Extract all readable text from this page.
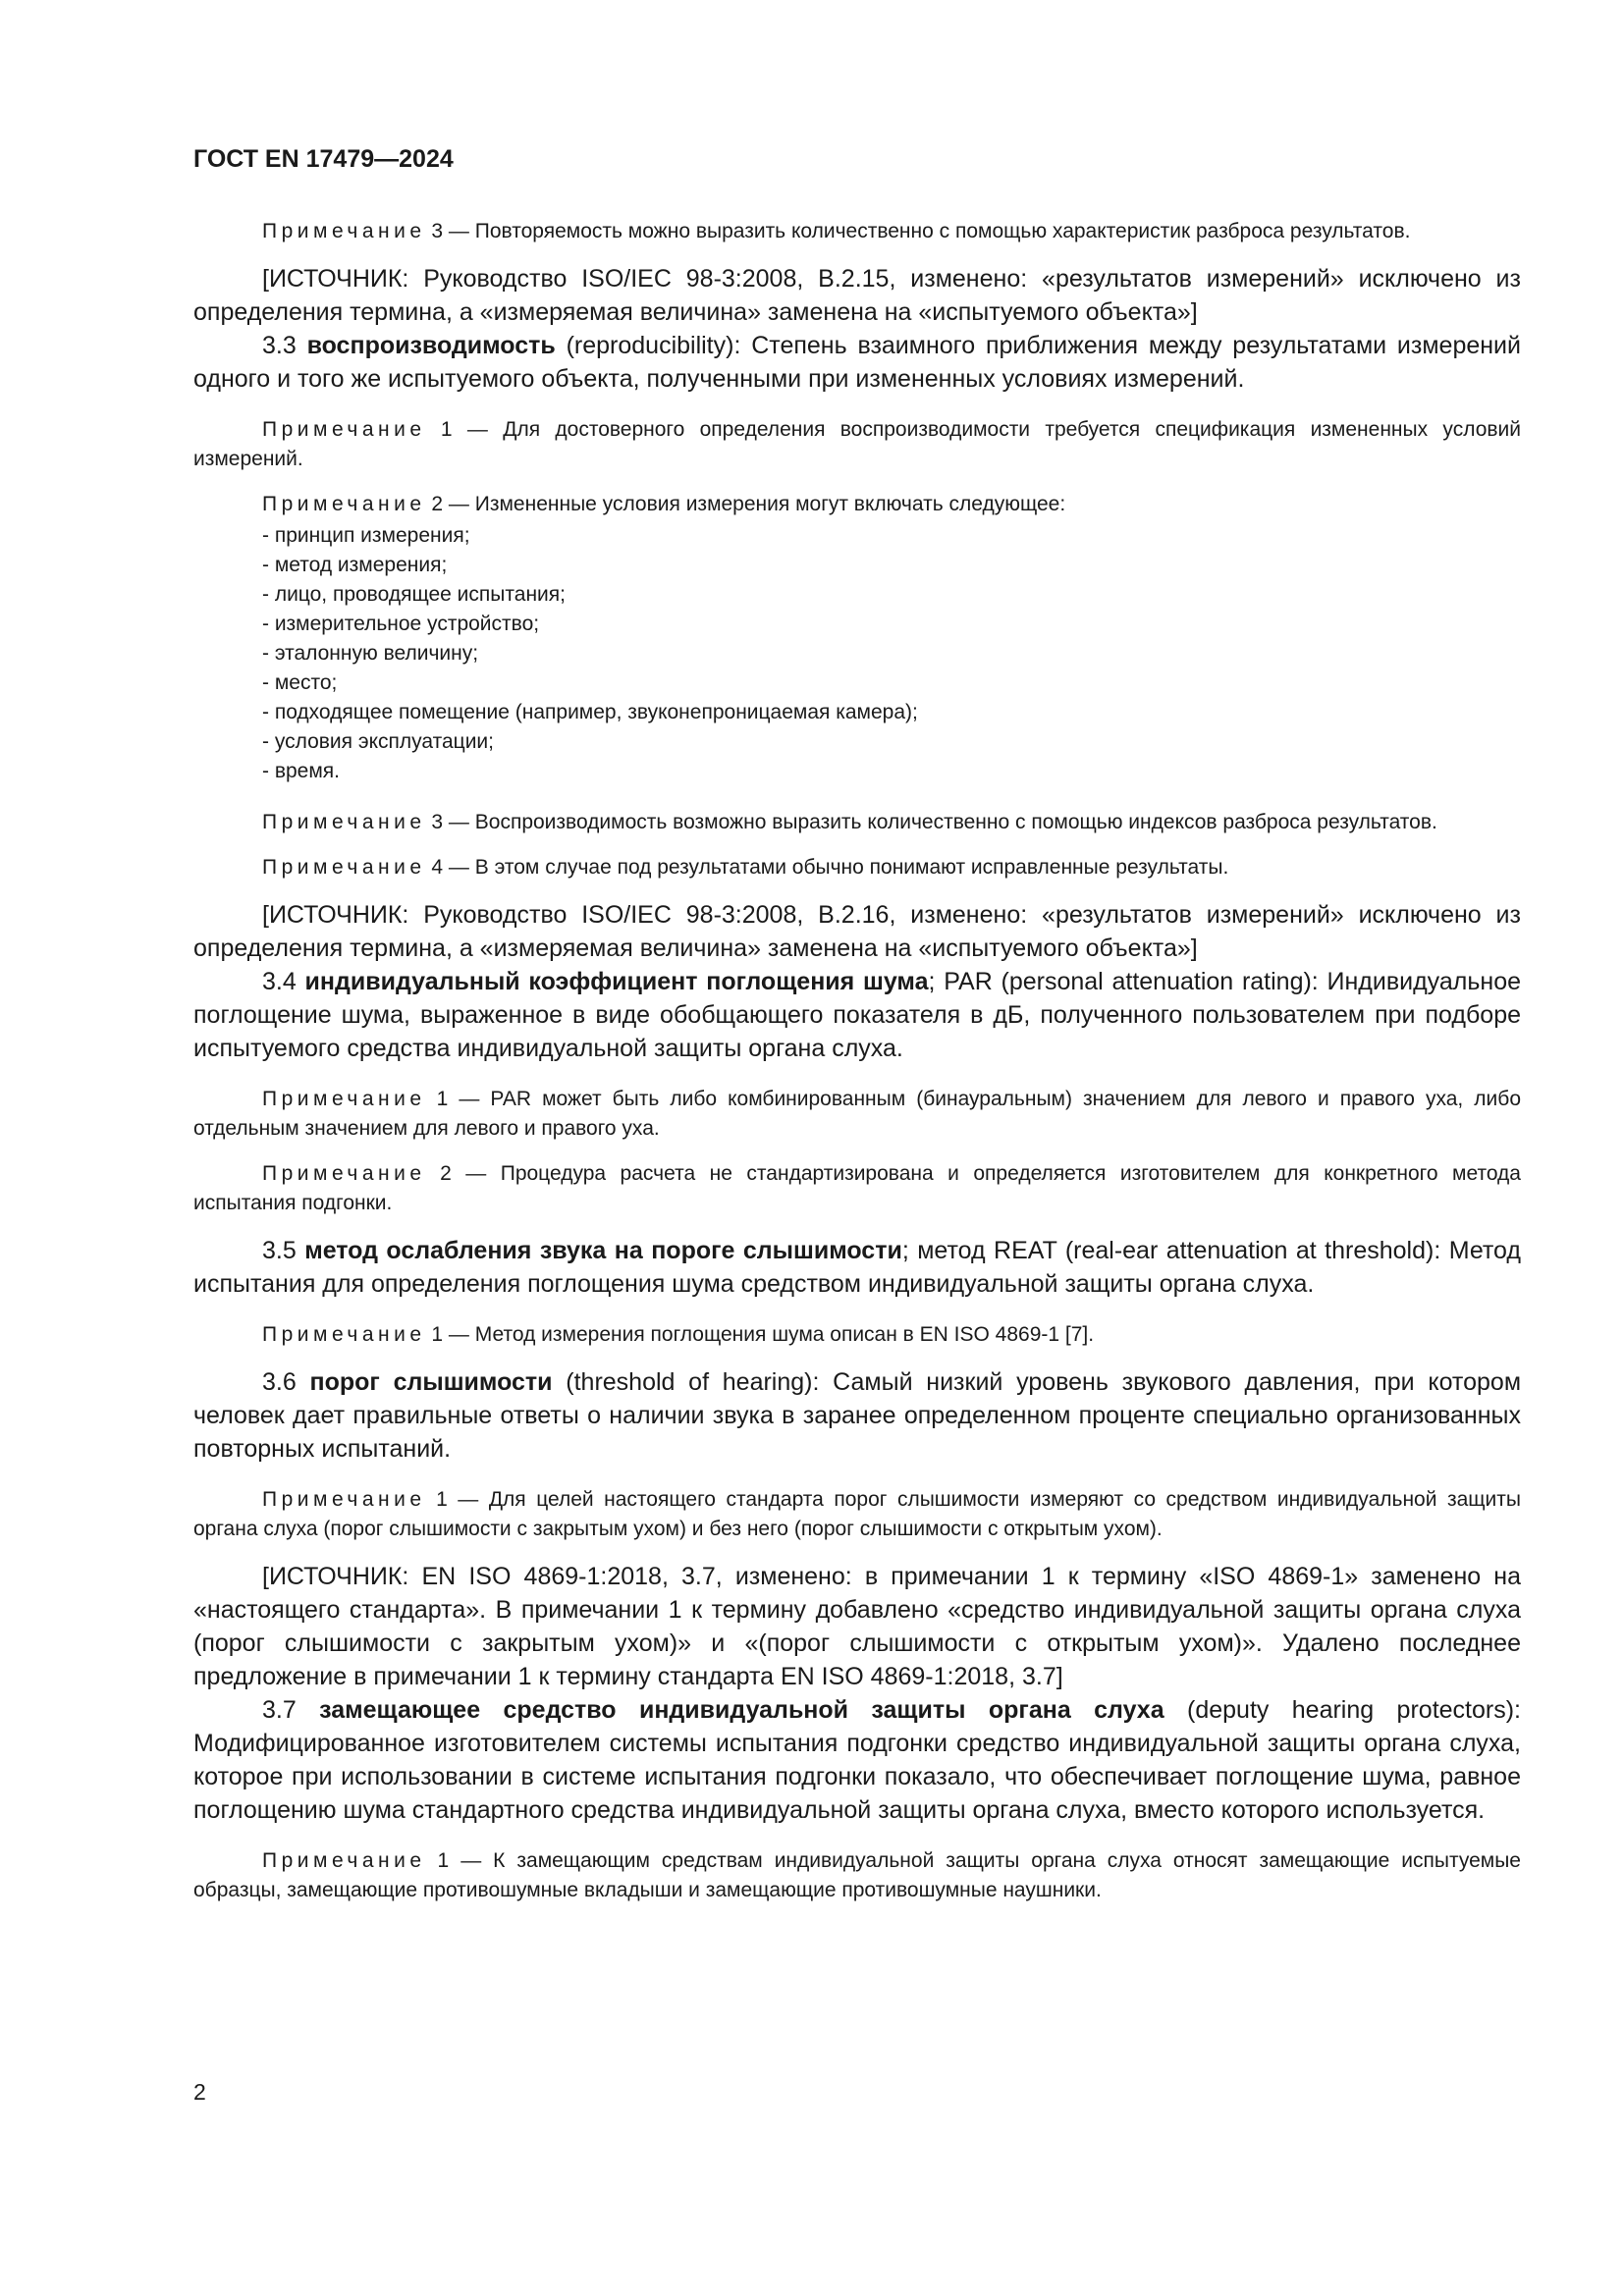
ГОСТ EN 17479—2024

Примечание 3 — Повторяемость можно выразить количественно с помощью характеристик разброса результатов.

[ИСТОЧНИК: Руководство ISO/IEC 98-3:2008, В.2.15, изменено: «результатов измерений» исключено из определения термина, а «измеряемая величина» заменена на «испытуемого объекта»]

3.3 воспроизводимость (reproducibility): Степень взаимного приближения между результатами измерений одного и того же испытуемого объекта, полученными при измененных условиях измерений.

Примечание 1 — Для достоверного определения воспроизводимости требуется спецификация измененных условий измерений.

Примечание 2 — Измененные условия измерения могут включать следующее:

- принцип измерения;
- метод измерения;
- лицо, проводящее испытания;
- измерительное устройство;
- эталонную величину;
- место;
- подходящее помещение (например, звуконепроницаемая камера);
- условия эксплуатации;
- время.

Примечание 3 — Воспроизводимость возможно выразить количественно с помощью индексов разброса результатов.

Примечание 4 — В этом случае под результатами обычно понимают исправленные результаты.

[ИСТОЧНИК: Руководство ISO/IEC 98-3:2008, В.2.16, изменено: «результатов измерений» исключено из определения термина, а «измеряемая величина» заменена на «испытуемого объекта»]

3.4 индивидуальный коэффициент поглощения шума; PAR (personal attenuation rating): Индивидуальное поглощение шума, выраженное в виде обобщающего показателя в дБ, полученного пользователем при подборе испытуемого средства индивидуальной защиты органа слуха.

Примечание 1 — PAR может быть либо комбинированным (бинауральным) значением для левого и правого уха, либо отдельным значением для левого и правого уха.

Примечание 2 — Процедура расчета не стандартизирована и определяется изготовителем для конкретного метода испытания подгонки.

3.5 метод ослабления звука на пороге слышимости; метод REAT (real-ear attenuation at threshold): Метод испытания для определения поглощения шума средством индивидуальной защиты органа слуха.

Примечание 1 — Метод измерения поглощения шума описан в EN ISO 4869-1 [7].

3.6 порог слышимости (threshold of hearing): Самый низкий уровень звукового давления, при котором человек дает правильные ответы о наличии звука в заранее определенном проценте специально организованных повторных испытаний.

Примечание 1 — Для целей настоящего стандарта порог слышимости измеряют со средством индивидуальной защиты органа слуха (порог слышимости с закрытым ухом) и без него (порог слышимости с открытым ухом).

[ИСТОЧНИК: EN ISO 4869-1:2018, 3.7, изменено: в примечании 1 к термину «ISO 4869-1» заменено на «настоящего стандарта». В примечании 1 к термину добавлено «средство индивидуальной защиты органа слуха (порог слышимости с закрытым ухом)» и «(порог слышимости с открытым ухом)». Удалено последнее предложение в примечании 1 к термину стандарта EN ISO 4869-1:2018, 3.7]

3.7 замещающее средство индивидуальной защиты органа слуха (deputy hearing protectors): Модифицированное изготовителем системы испытания подгонки средство индивидуальной защиты органа слуха, которое при использовании в системе испытания подгонки показало, что обеспечивает поглощение шума, равное поглощению шума стандартного средства индивидуальной защиты органа слуха, вместо которого используется.

Примечание 1 — К замещающим средствам индивидуальной защиты органа слуха относят замещающие испытуемые образцы, замещающие противошумные вкладыши и замещающие противошумные наушники.

2
